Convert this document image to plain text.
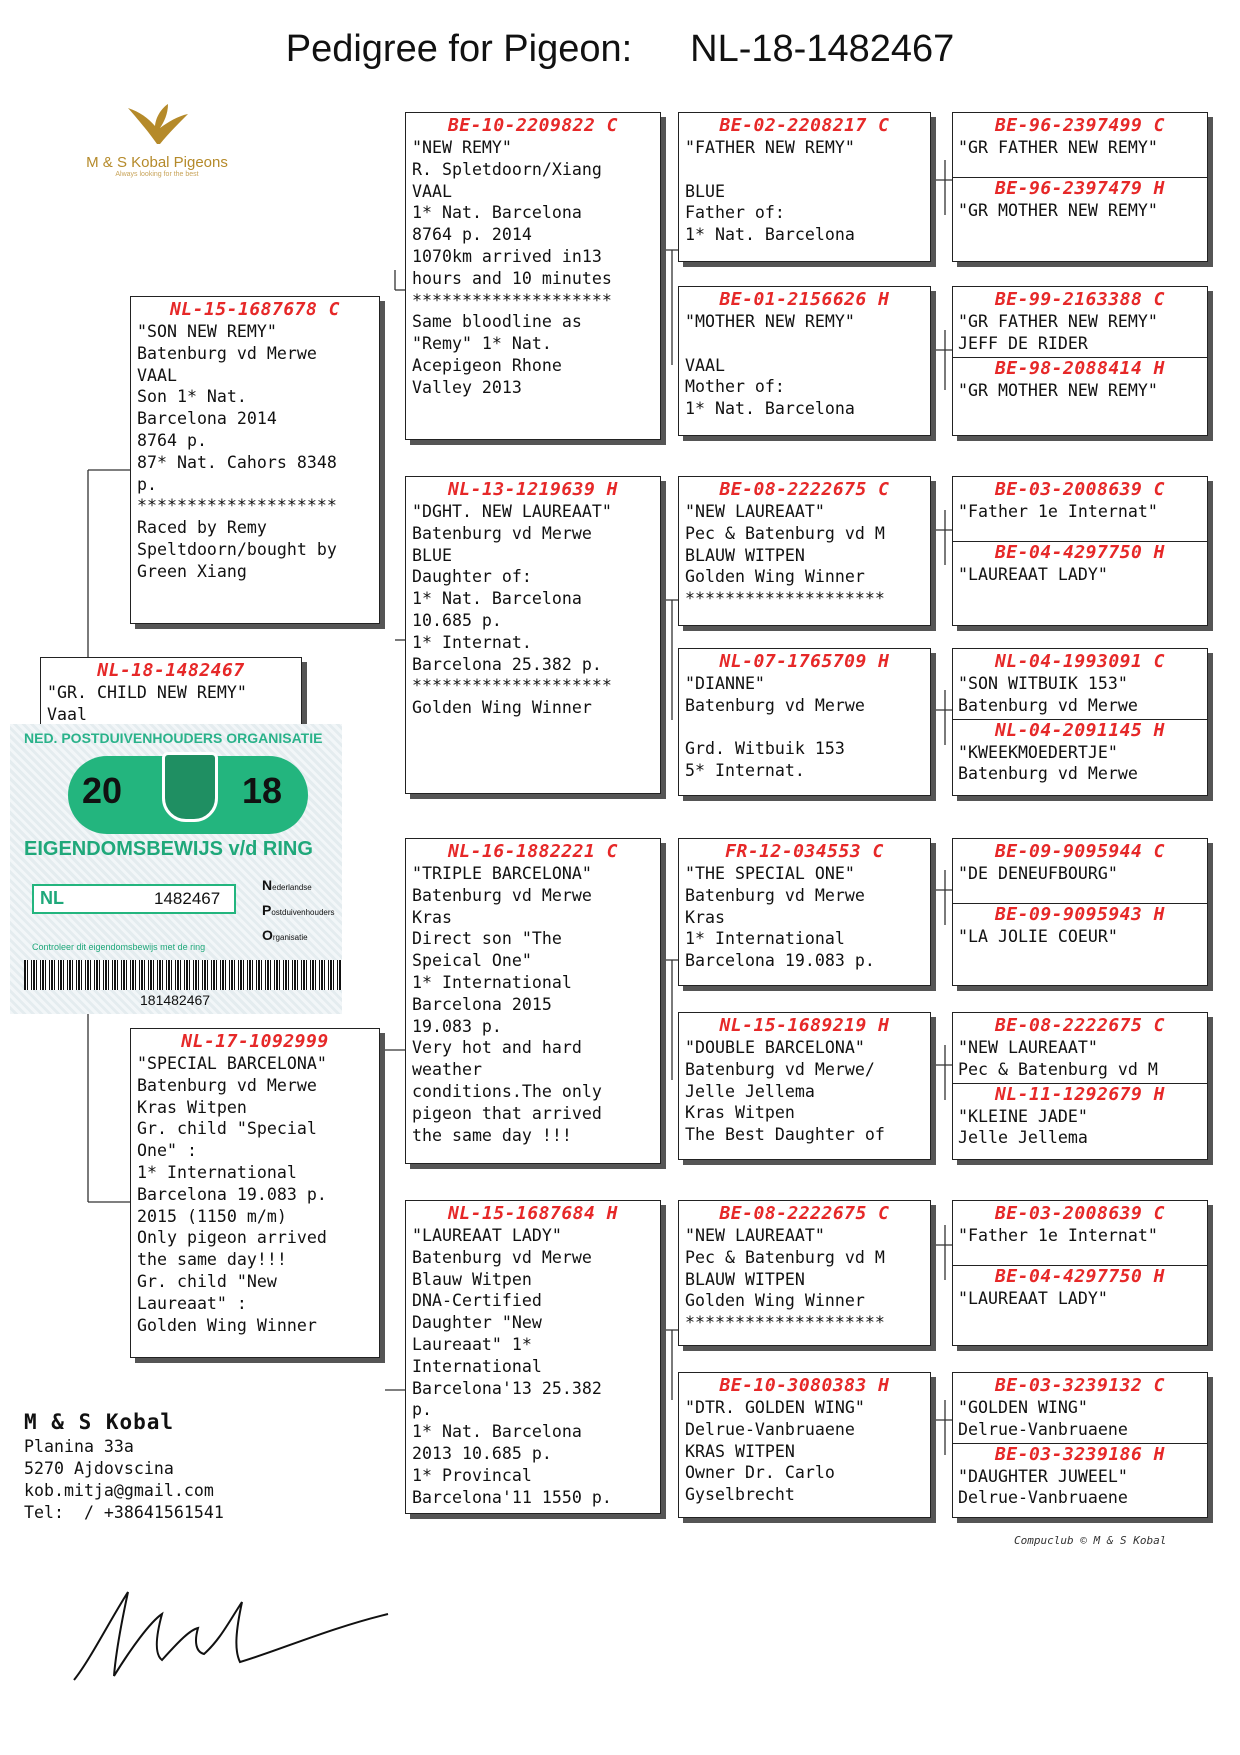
Pedigree for Pigeon: NL-18-1482467
M & S Kobal Pigeons
Always looking for the best
NL-18-1482467
"GR. CHILD NEW REMY"
Vaal
NL-15-1687678 C
"SON NEW REMY"
Batenburg vd Merwe
VAAL
Son 1* Nat.
Barcelona 2014
8764 p.
87* Nat. Cahors 8348
p.
********************
Raced by Remy
Speltdoorn/bought by
Green Xiang
NL-17-1092999
"SPECIAL BARCELONA"
Batenburg vd Merwe
Kras Witpen
Gr. child "Special
One" :
1* International
Barcelona 19.083 p.
2015 (1150 m/m)
Only pigeon arrived
the same day!!!
Gr. child "New
Laureaat" :
Golden Wing Winner
BE-10-2209822 C
"NEW REMY"
R. Spletdoorn/Xiang
VAAL
1* Nat. Barcelona
8764 p. 2014
1070km arrived in13
hours and 10 minutes
********************
Same bloodline as
"Remy" 1* Nat.
Acepigeon Rhone
Valley 2013
NL-13-1219639 H
"DGHT. NEW LAUREAAT"
Batenburg vd Merwe
BLUE
Daughter of:
1* Nat. Barcelona
10.685 p.
1* Internat.
Barcelona 25.382 p.
********************
Golden Wing Winner
NL-16-1882221 C
"TRIPLE BARCELONA"
Batenburg vd Merwe
Kras
Direct son "The
Speical One"
1* International
Barcelona 2015
19.083 p.
Very hot and hard
weather
conditions.The only
pigeon that arrived
the same day !!!
NL-15-1687684 H
"LAUREAAT LADY"
Batenburg vd Merwe
Blauw Witpen
DNA-Certified
Daughter "New
Laureaat" 1*
International
Barcelona'13 25.382
p.
1* Nat. Barcelona
2013 10.685 p.
1* Provincal
Barcelona'11 1550 p.
BE-02-2208217 C
"FATHER NEW REMY"

BLUE
Father of:
1* Nat. Barcelona
BE-01-2156626 H
"MOTHER NEW REMY"

VAAL
Mother of:
1* Nat. Barcelona
BE-08-2222675 C
"NEW LAUREAAT"
Pec & Batenburg vd M
BLAUW WITPEN
Golden Wing Winner
********************
NL-07-1765709 H
"DIANNE"
Batenburg vd Merwe

Grd. Witbuik 153
5* Internat.
FR-12-034553 C
"THE SPECIAL ONE"
Batenburg vd Merwe
Kras
1* International
Barcelona 19.083 p.
NL-15-1689219 H
"DOUBLE BARCELONA"
Batenburg vd Merwe/
Jelle Jellema
Kras Witpen
The Best Daughter of
BE-08-2222675 C
"NEW LAUREAAT"
Pec & Batenburg vd M
BLAUW WITPEN
Golden Wing Winner
********************
BE-10-3080383 H
"DTR. GOLDEN WING"
Delrue-Vanbruaene
KRAS WITPEN
Owner Dr. Carlo
Gyselbrecht
BE-96-2397499 C
"GR FATHER NEW REMY"
BE-96-2397479 H
"GR MOTHER NEW REMY"
BE-99-2163388 C
"GR FATHER NEW REMY"
JEFF DE RIDER
BE-98-2088414 H
"GR MOTHER NEW REMY"
BE-03-2008639 C
"Father 1e Internat"
BE-04-4297750 H
"LAUREAAT LADY"
NL-04-1993091 C
"SON WITBUIK 153"
Batenburg vd Merwe
NL-04-2091145 H
"KWEEKMOEDERTJE"
Batenburg vd Merwe
BE-09-9095944 C
"DE DENEUFBOURG"
BE-09-9095943 H
"LA JOLIE COEUR"
BE-08-2222675 C
"NEW LAUREAAT"
Pec & Batenburg vd M
NL-11-1292679 H
"KLEINE JADE"
Jelle Jellema
BE-03-2008639 C
"Father 1e Internat"
BE-04-4297750 H
"LAUREAAT LADY"
BE-03-3239132 C
"GOLDEN WING"
Delrue-Vanbruaene
BE-03-3239186 H
"DAUGHTER JUWEEL"
Delrue-Vanbruaene
NED. POSTDUIVENHOUDERS ORGANISATIE
20	18
EIGENDOMSBEWIJS v/d RING
NL	1482467
Nederlandse
Postduivenhouders
Organisatie
Controleer dit eigendomsbewijs met de ring
181482467
M & S Kobal
Planina 33a
5270 Ajdovscina
kob.mitja@gmail.com
Tel:  / +38641561541
Compuclub © M & S Kobal
